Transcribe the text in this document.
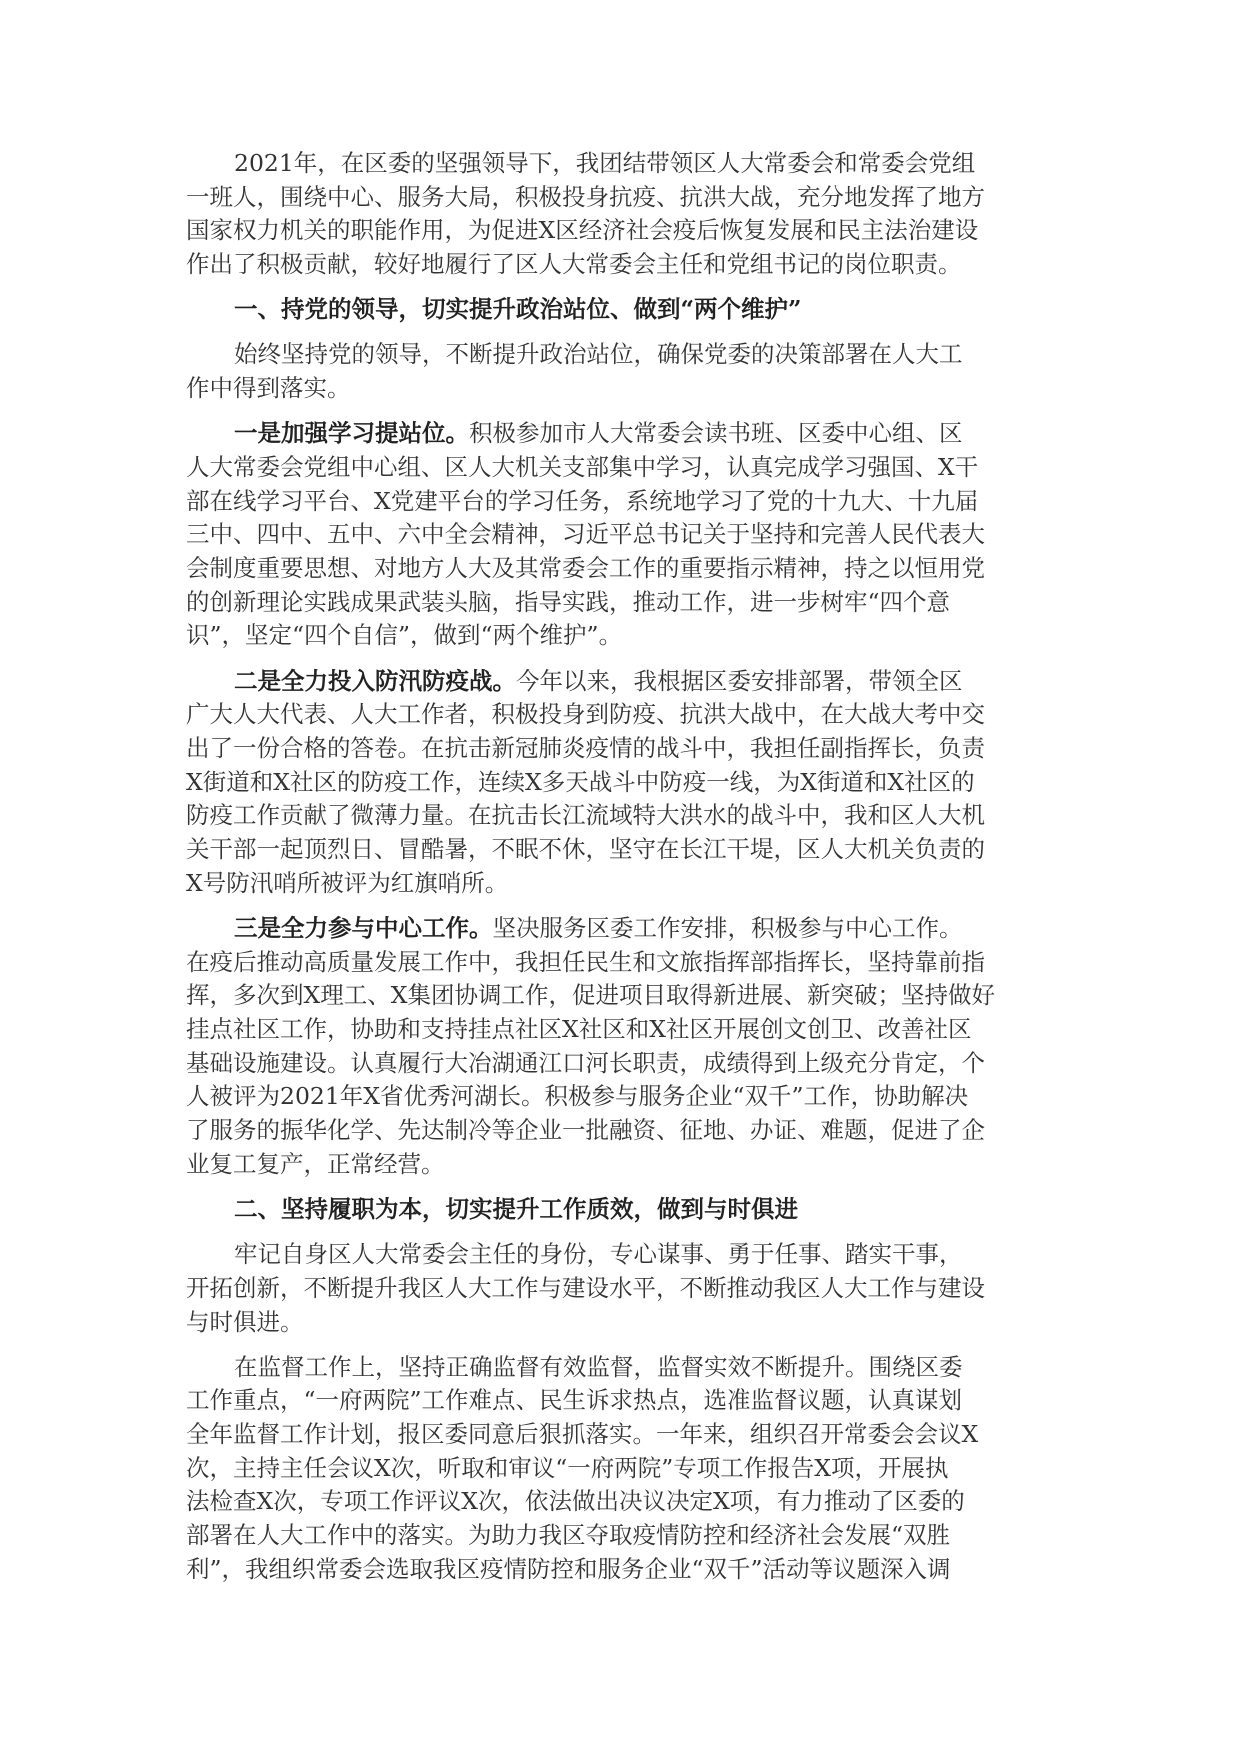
2021年，在区委的坚强领导下，我团结带领区人大常委会和常委会党组
一班人，围绕中心、服务大局，积极投身抗疫、抗洪大战，充分地发挥了地方
国家权力机关的职能作用，为促进X区经济社会疫后恢复发展和民主法治建设
作出了积极贡献，较好地履行了区人大常委会主任和党组书记的岗位职责。
一、持党的领导，切实提升政治站位、做到“两个维护”
始终坚持党的领导，不断提升政治站位，确保党委的决策部署在人大工
作中得到落实。
一是加强学习提站位。积极参加市人大常委会读书班、区委中心组、区
人大常委会党组中心组、区人大机关支部集中学习，认真完成学习强国、X干
部在线学习平台、X党建平台的学习任务，系统地学习了党的十九大、十九届
三中、四中、五中、六中全会精神，习近平总书记关于坚持和完善人民代表大
会制度重要思想、对地方人大及其常委会工作的重要指示精神，持之以恒用党
的创新理论实践成果武装头脑，指导实践，推动工作，进一步树牢“四个意
识”，坚定“四个自信”，做到“两个维护”。
二是全力投入防汛防疫战。今年以来，我根据区委安排部署，带领全区
广大人大代表、人大工作者，积极投身到防疫、抗洪大战中，在大战大考中交
出了一份合格的答卷。在抗击新冠肺炎疫情的战斗中，我担任副指挥长，负责
X街道和X社区的防疫工作，连续X多天战斗中防疫一线，为X街道和X社区的
防疫工作贡献了微薄力量。在抗击长江流域特大洪水的战斗中，我和区人大机
关干部一起顶烈日、冒酷暑，不眠不休，坚守在长江干堤，区人大机关负责的
X号防汛哨所被评为红旗哨所。
三是全力参与中心工作。坚决服务区委工作安排，积极参与中心工作。
在疫后推动高质量发展工作中，我担任民生和文旅指挥部指挥长，坚持靠前指
挥，多次到X理工、X集团协调工作，促进项目取得新进展、新突破；坚持做好
挂点社区工作，协助和支持挂点社区X社区和X社区开展创文创卫、改善社区
基础设施建设。认真履行大冶湖通江口河长职责，成绩得到上级充分肯定，个
人被评为2021年X省优秀河湖长。积极参与服务企业“双千”工作，协助解决
了服务的振华化学、先达制冷等企业一批融资、征地、办证、难题，促进了企
业复工复产，正常经营。
二、坚持履职为本，切实提升工作质效，做到与时俱进
牢记自身区人大常委会主任的身份，专心谋事、勇于任事、踏实干事，
开拓创新，不断提升我区人大工作与建设水平，不断推动我区人大工作与建设
与时俱进。
在监督工作上，坚持正确监督有效监督，监督实效不断提升。围绕区委
工作重点，“一府两院”工作难点、民生诉求热点，选准监督议题，认真谋划
全年监督工作计划，报区委同意后狠抓落实。一年来，组织召开常委会会议X
次，主持主任会议X次，听取和审议“一府两院”专项工作报告X项，开展执
法检查X次，专项工作评议X次，依法做出决议决定X项，有力推动了区委的
部署在人大工作中的落实。为助力我区夺取疫情防控和经济社会发展“双胜
利”，我组织常委会选取我区疫情防控和服务企业“双千”活动等议题深入调
